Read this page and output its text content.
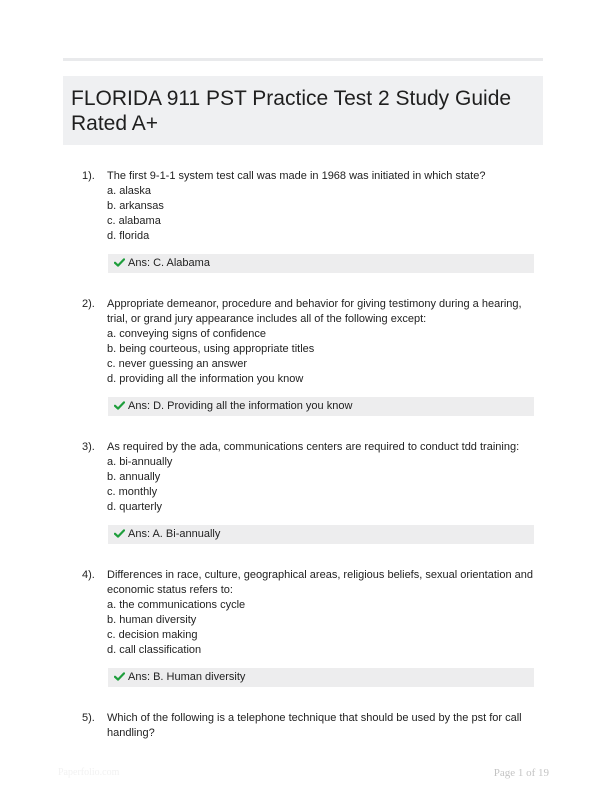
FLORIDA 911 PST Practice Test 2 Study Guide Rated A+
1). The first 9-1-1 system test call was made in 1968 was initiated in which state?

a. alaska

b. arkansas

c. alabama

d. florida

Ans: C. Alabama
2). Appropriate demeanor, procedure and behavior for giving testimony during a hearing, trial, or grand jury appearance includes all of the following except:

a. conveying signs of confidence

b. being courteous, using appropriate titles

c. never guessing an answer

d. providing all the information you know

Ans: D. Providing all the information you know
3). As required by the ada, communications centers are required to conduct tdd training:

a. bi-annually

b. annually

c. monthly

d. quarterly

Ans: A. Bi-annually
4). Differences in race, culture, geographical areas, religious beliefs, sexual orientation and economic status refers to:

a. the communications cycle

b. human diversity

c. decision making

d. call classification

Ans: B. Human diversity
5). Which of the following is a telephone technique that should be used by the pst for call handling?

Paperfolio.com	Page 1 of 19
